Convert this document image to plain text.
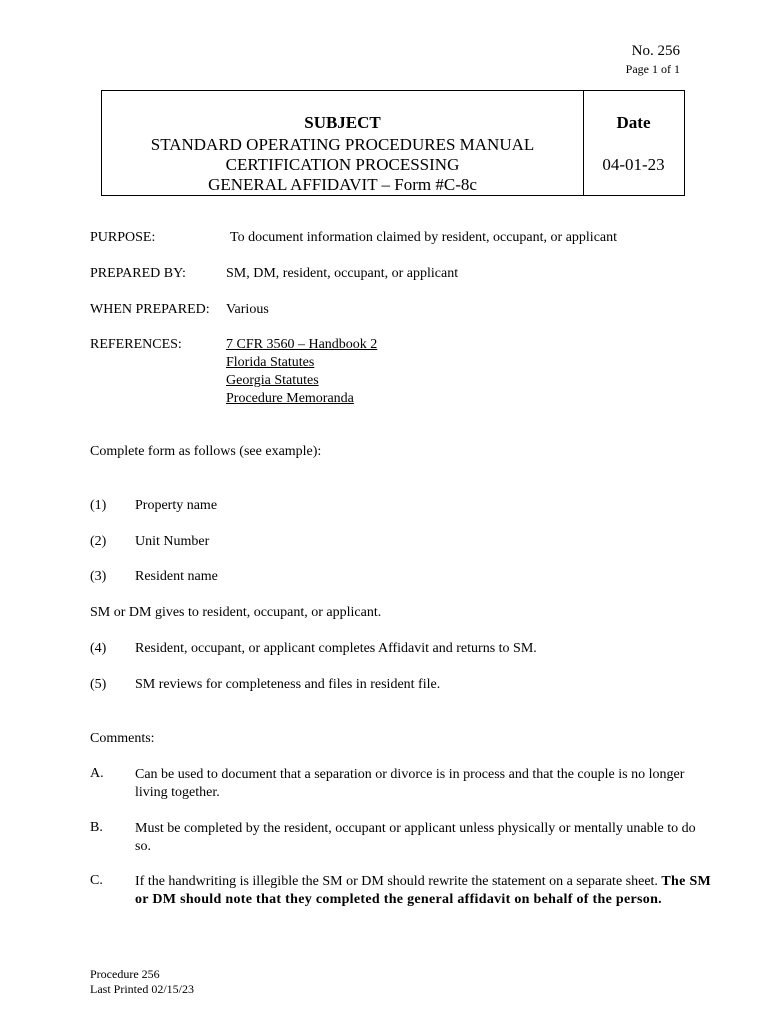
No. 256
Page 1 of 1
SUBJECT	Date
STANDARD OPERATING PROCEDURES MANUAL
CERTIFICATION PROCESSING
GENERAL AFFIDAVIT – Form #C-8c
04-01-23
PURPOSE:	To document information claimed by resident, occupant, or applicant
PREPARED BY:	SM, DM, resident, occupant, or applicant
WHEN PREPARED: Various
REFERENCES:	7 CFR 3560 – Handbook 2
Florida Statutes
Georgia Statutes
Procedure Memoranda
Complete form as follows (see example):
(1) Property name
(2) Unit Number
(3) Resident name
SM or DM gives to resident, occupant, or applicant.
(4) Resident, occupant, or applicant completes Affidavit and returns to SM.
(5) SM reviews for completeness and files in resident file.
Comments:
A. Can be used to document that a separation or divorce is in process and that the couple is no longer living together.
B. Must be completed by the resident, occupant or applicant unless physically or mentally unable to do so.
C. If the handwriting is illegible the SM or DM should rewrite the statement on a separate sheet. The SM or DM should note that they completed the general affidavit on behalf of the person.
Procedure 256
Last Printed 02/15/23
